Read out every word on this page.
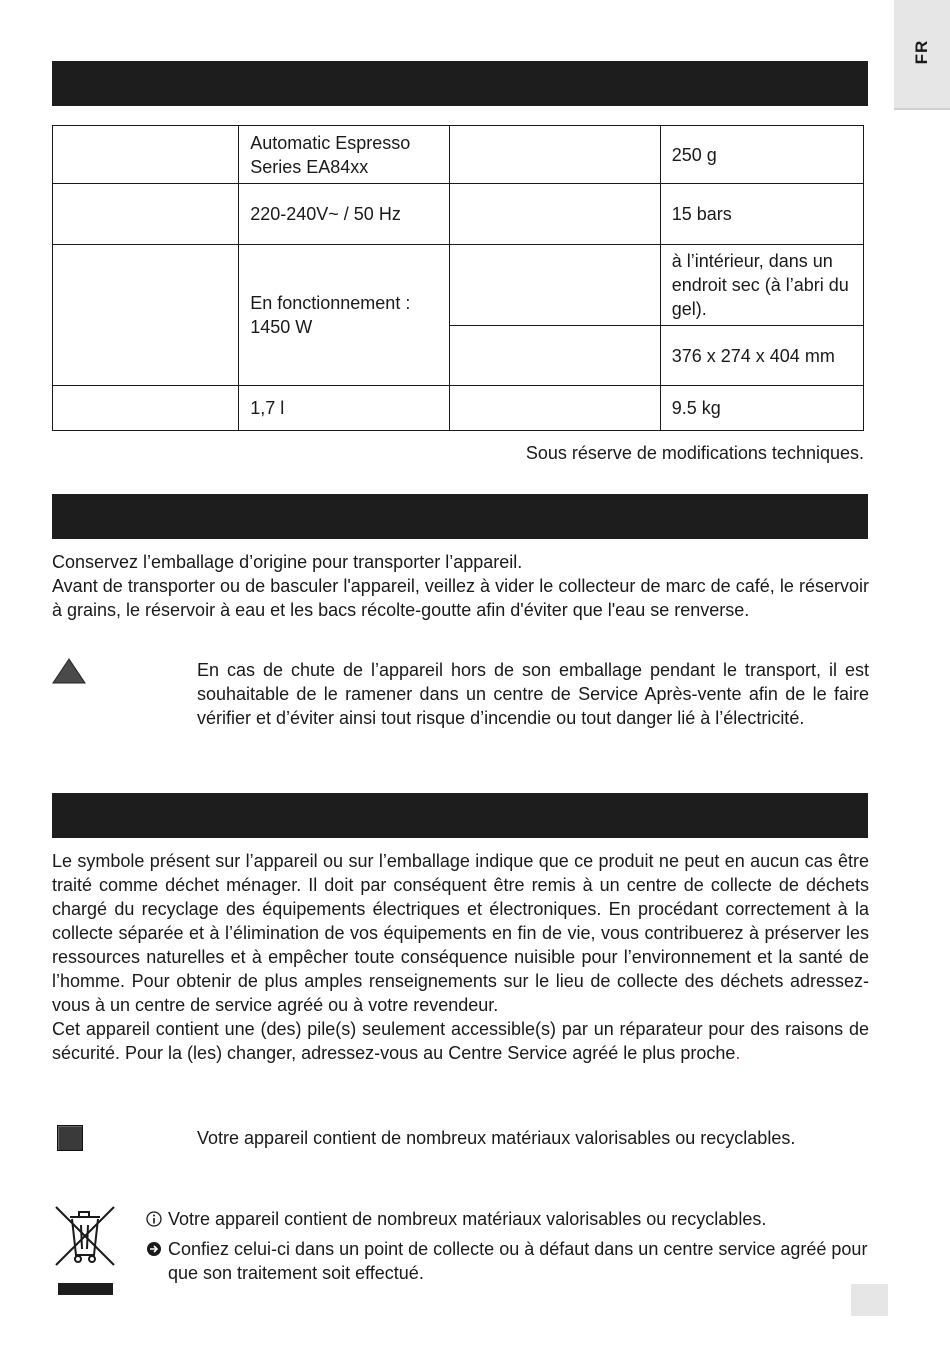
FR
	Automatic Espresso Series EA84xx		250 g
	220-240V~ / 50 Hz		15 bars
	En fonctionnement : 1450 W		à l’intérieur, dans un endroit sec (à l’abri du gel).
			376 x 274 x 404 mm
	1,7 l		9.5 kg
Sous réserve de modifications techniques.

Conservez l’emballage d’origine pour transporter l’appareil.

Avant de transporter ou de basculer l'appareil, veillez à vider le collecteur de marc de café, le réservoir à grains, le réservoir à eau et les bacs récolte-goutte afin d'éviter que l'eau se renverse.

En cas de chute de l’appareil hors de son emballage pendant le transport, il est souhaitable de le ramener dans un centre de Service Après-vente afin de le faire vérifier et d’éviter ainsi tout risque d’incendie ou tout danger lié à l’électricité.

Le symbole présent sur l’appareil ou sur l’emballage indique que ce produit ne peut en aucun cas être traité comme déchet ménager. Il doit par conséquent être remis à un centre de collecte de déchets chargé du recyclage des équipements électriques et électroniques. En procédant correctement à la collecte séparée et à l’élimination de vos équipements en fin de vie, vous contribuerez à préserver les ressources naturelles et à empêcher toute conséquence nuisible pour l’environnement et la santé de l’homme. Pour obtenir de plus amples renseignements sur le lieu de collecte des déchets adressez-vous à un centre de service agréé ou à votre revendeur.

Cet appareil contient une (des) pile(s) seulement accessible(s) par un réparateur pour des raisons de sécurité. Pour la (les) changer, adressez-vous au Centre Service agréé le plus proche.

Votre appareil contient de nombreux matériaux valorisables ou recyclables.

Votre appareil contient de nombreux matériaux valorisables ou recyclables.
Confiez celui-ci dans un point de collecte ou à défaut dans un centre service agréé pour que son traitement soit effectué.
